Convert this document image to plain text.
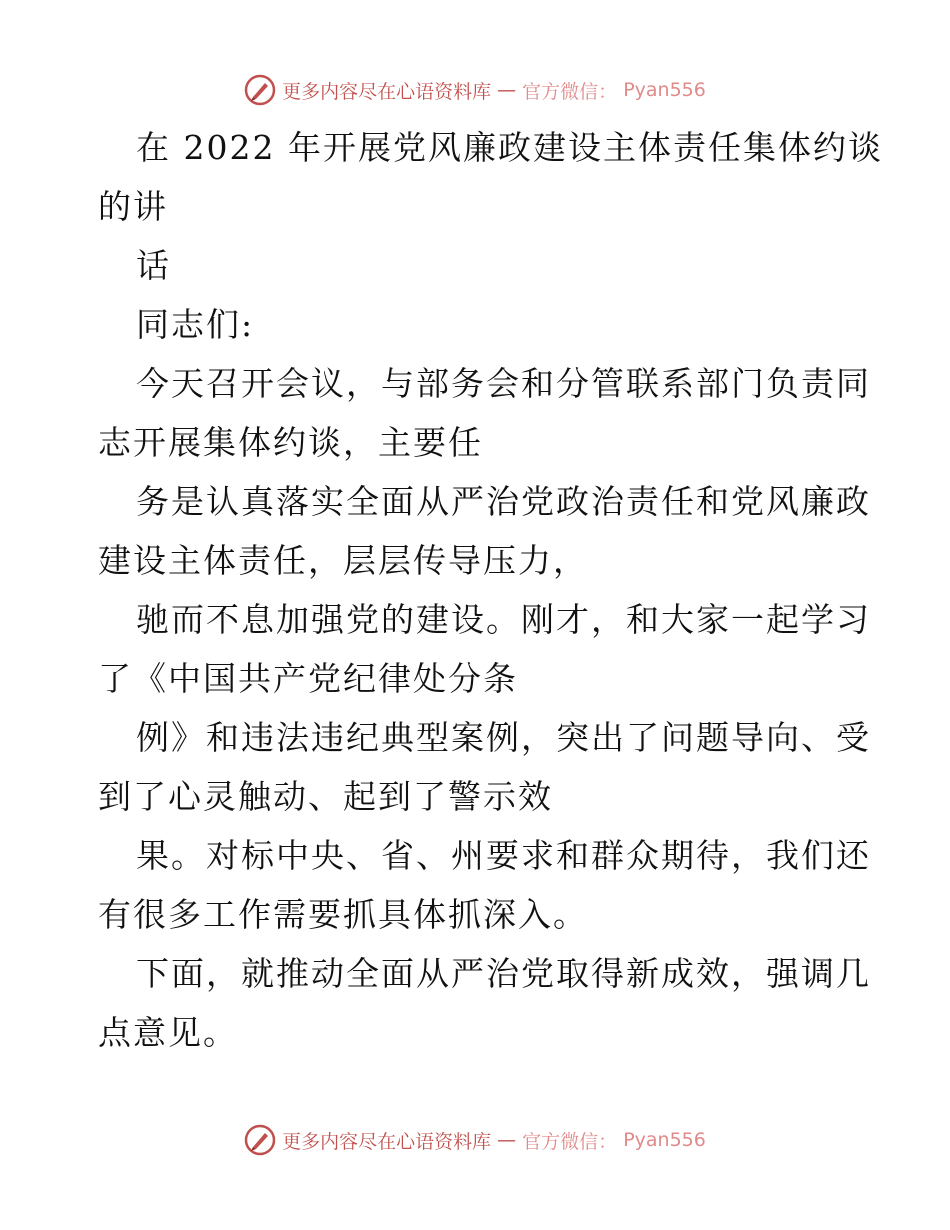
更多内容尽在心语资料库 — 官方微信： Pyan556
在 2022 年开展党风廉政建设主体责任集体约谈
的讲
话
同志们:
今天召开会议，与部务会和分管联系部门负责同
志开展集体约谈，主要任
务是认真落实全面从严治党政治责任和党风廉政
建设主体责任，层层传导压力，
驰而不息加强党的建设。刚才，和大家一起学习
了《中国共产党纪律处分条
例》和违法违纪典型案例，突出了问题导向、受
到了心灵触动、起到了警示效
果。对标中央、省、州要求和群众期待，我们还
有很多工作需要抓具体抓深入。
下面，就推动全面从严治党取得新成效，强调几
点意见。
更多内容尽在心语资料库 — 官方微信： Pyan556
